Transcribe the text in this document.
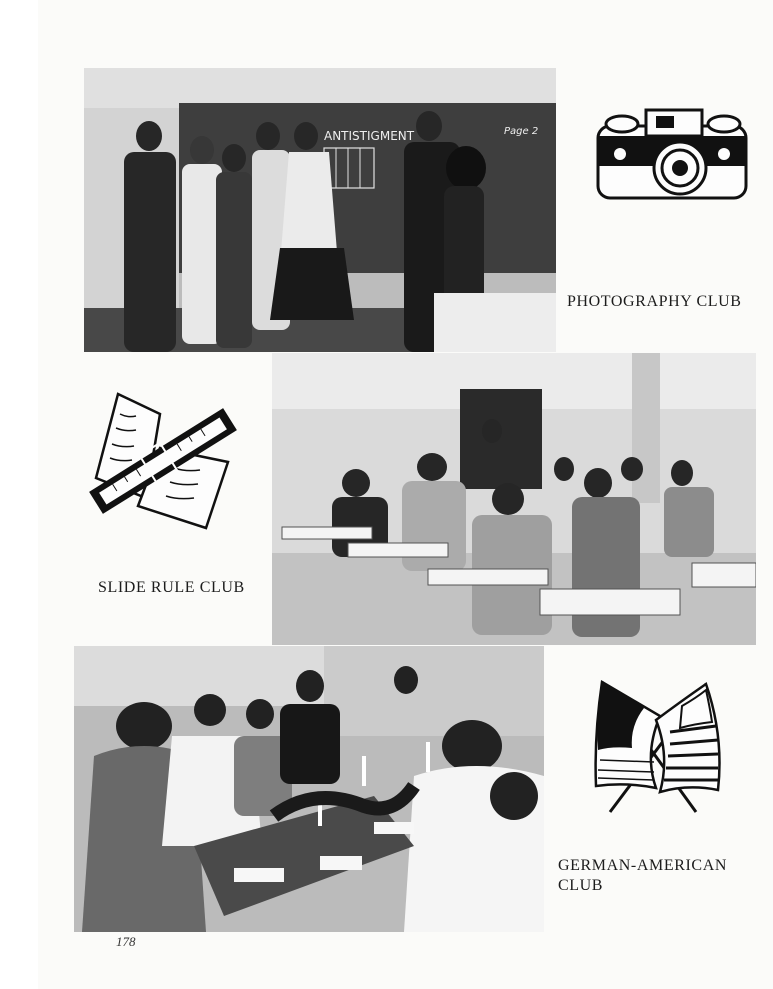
ANTISTIGMENT	Page 2
PHOTOGRAPHY CLUB
SLIDE RULE CLUB
GERMAN-AMERICAN
CLUB
178
